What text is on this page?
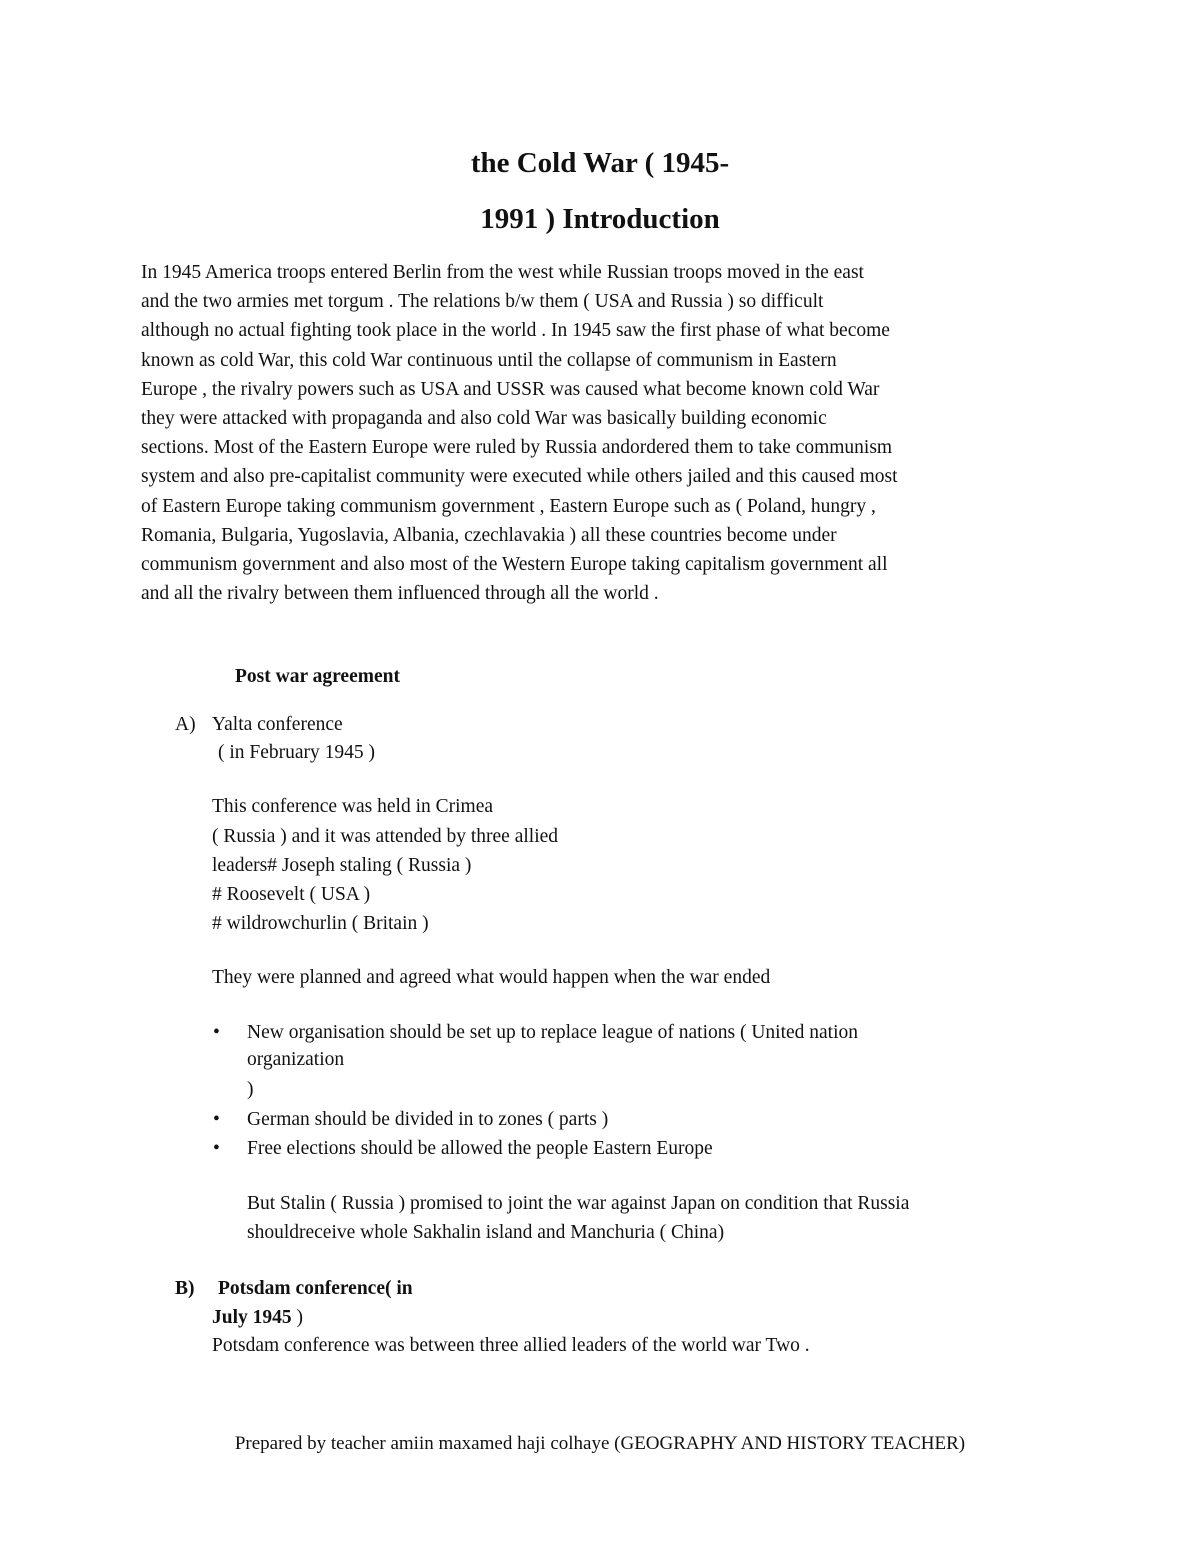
the Cold War ( 1945-
1991 ) Introduction
In 1945 America troops entered Berlin from the west while Russian troops moved in the east
and the two armies met torgum . The relations b/w them ( USA and Russia ) so difficult
although no actual fighting took place in the world . In 1945 saw the first phase of what become
known as cold War, this cold War continuous until the collapse of communism in Eastern
Europe , the rivalry powers such as USA and USSR was caused what become known cold War
they were attacked with propaganda and also cold War was basically building economic
sections. Most of the Eastern Europe were ruled by Russia andordered them to take communism
system and also pre-capitalist community were executed while others jailed and this caused most
of Eastern Europe taking communism government , Eastern Europe such as ( Poland, hungry ,
Romania, Bulgaria, Yugoslavia, Albania, czechlavakia ) all these countries become under
communism government and also most of the Western Europe taking capitalism government all
and all the rivalry between them influenced through all the world .
Post war agreement
A) Yalta conference
( in February 1945 )
This conference was held in Crimea
( Russia ) and it was attended by three allied
leaders# Joseph staling ( Russia )
# Roosevelt ( USA )
# wildrowchurlin ( Britain )
They were planned and agreed what would happen when the war ended
• New organisation should be set up to replace league of nations ( United nation
organization
)
• German should be divided in to zones ( parts )
• Free elections should be allowed the people Eastern Europe
But Stalin ( Russia ) promised to joint the war against Japan on condition that Russia
shouldreceive whole Sakhalin island and Manchuria ( China)
B) Potsdam conference( in
July 1945 )
Potsdam conference was between three allied leaders of the world war Two .
Prepared by teacher amiin maxamed haji colhaye (GEOGRAPHY AND HISTORY TEACHER)
